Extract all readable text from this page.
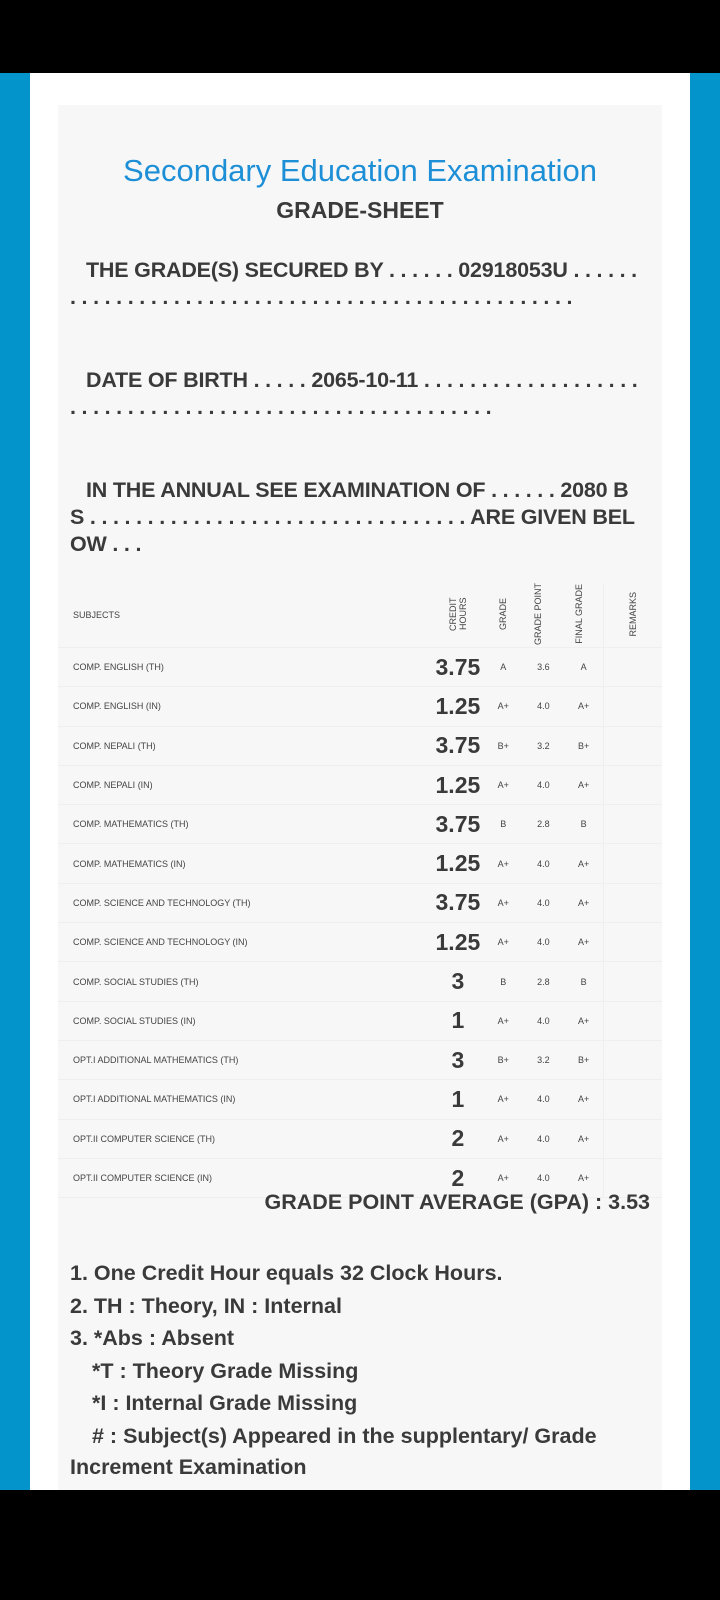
Secondary Education Examination
GRADE-SHEET
THE GRADE(S) SECURED BY . . . . . . 02918053U . . . . . . . . . . . . . . . . . . . . . . . . . . . . . . . . . . . . . . . . . . . . . . . . . .
DATE OF BIRTH . . . . . 2065-10-11 . . . . . . . . . . . . . . . . . . . . . . . . . . . . . . . . . . . . . . . . . . . . . . . . . . . . . . . .
IN THE ANNUAL SEE EXAMINATION OF . . . . . . 2080 BS . . . . . . . . . . . . . . . . . . . . . . . . . . . . . . . . . ARE GIVEN BELOW . . .
SUBJECTS	CREDIT HOURS	GRADE	GRADE POINT	FINAL GRADE	REMARKS
COMP. ENGLISH (TH)	3.75	A	3.6	A	
COMP. ENGLISH (IN)	1.25	A+	4.0	A+	
COMP. NEPALI (TH)	3.75	B+	3.2	B+	
COMP. NEPALI (IN)	1.25	A+	4.0	A+	
COMP. MATHEMATICS (TH)	3.75	B	2.8	B	
COMP. MATHEMATICS (IN)	1.25	A+	4.0	A+	
COMP. SCIENCE AND TECHNOLOGY (TH)	3.75	A+	4.0	A+	
COMP. SCIENCE AND TECHNOLOGY (IN)	1.25	A+	4.0	A+	
COMP. SOCIAL STUDIES (TH)	3	B	2.8	B	
COMP. SOCIAL STUDIES (IN)	1	A+	4.0	A+	
OPT.I ADDITIONAL MATHEMATICS (TH)	3	B+	3.2	B+	
OPT.I ADDITIONAL MATHEMATICS (IN)	1	A+	4.0	A+	
OPT.II COMPUTER SCIENCE (TH)	2	A+	4.0	A+	
OPT.II COMPUTER SCIENCE (IN)	2	A+	4.0	A+	
GRADE POINT AVERAGE (GPA) : 3.53
1. One Credit Hour equals 32 Clock Hours.
2. TH : Theory, IN : Internal
3. *Abs : Absent
*T : Theory Grade Missing
*I : Internal Grade Missing
# : Subject(s) Appeared in the supplentary/ Grade
Increment Examination
